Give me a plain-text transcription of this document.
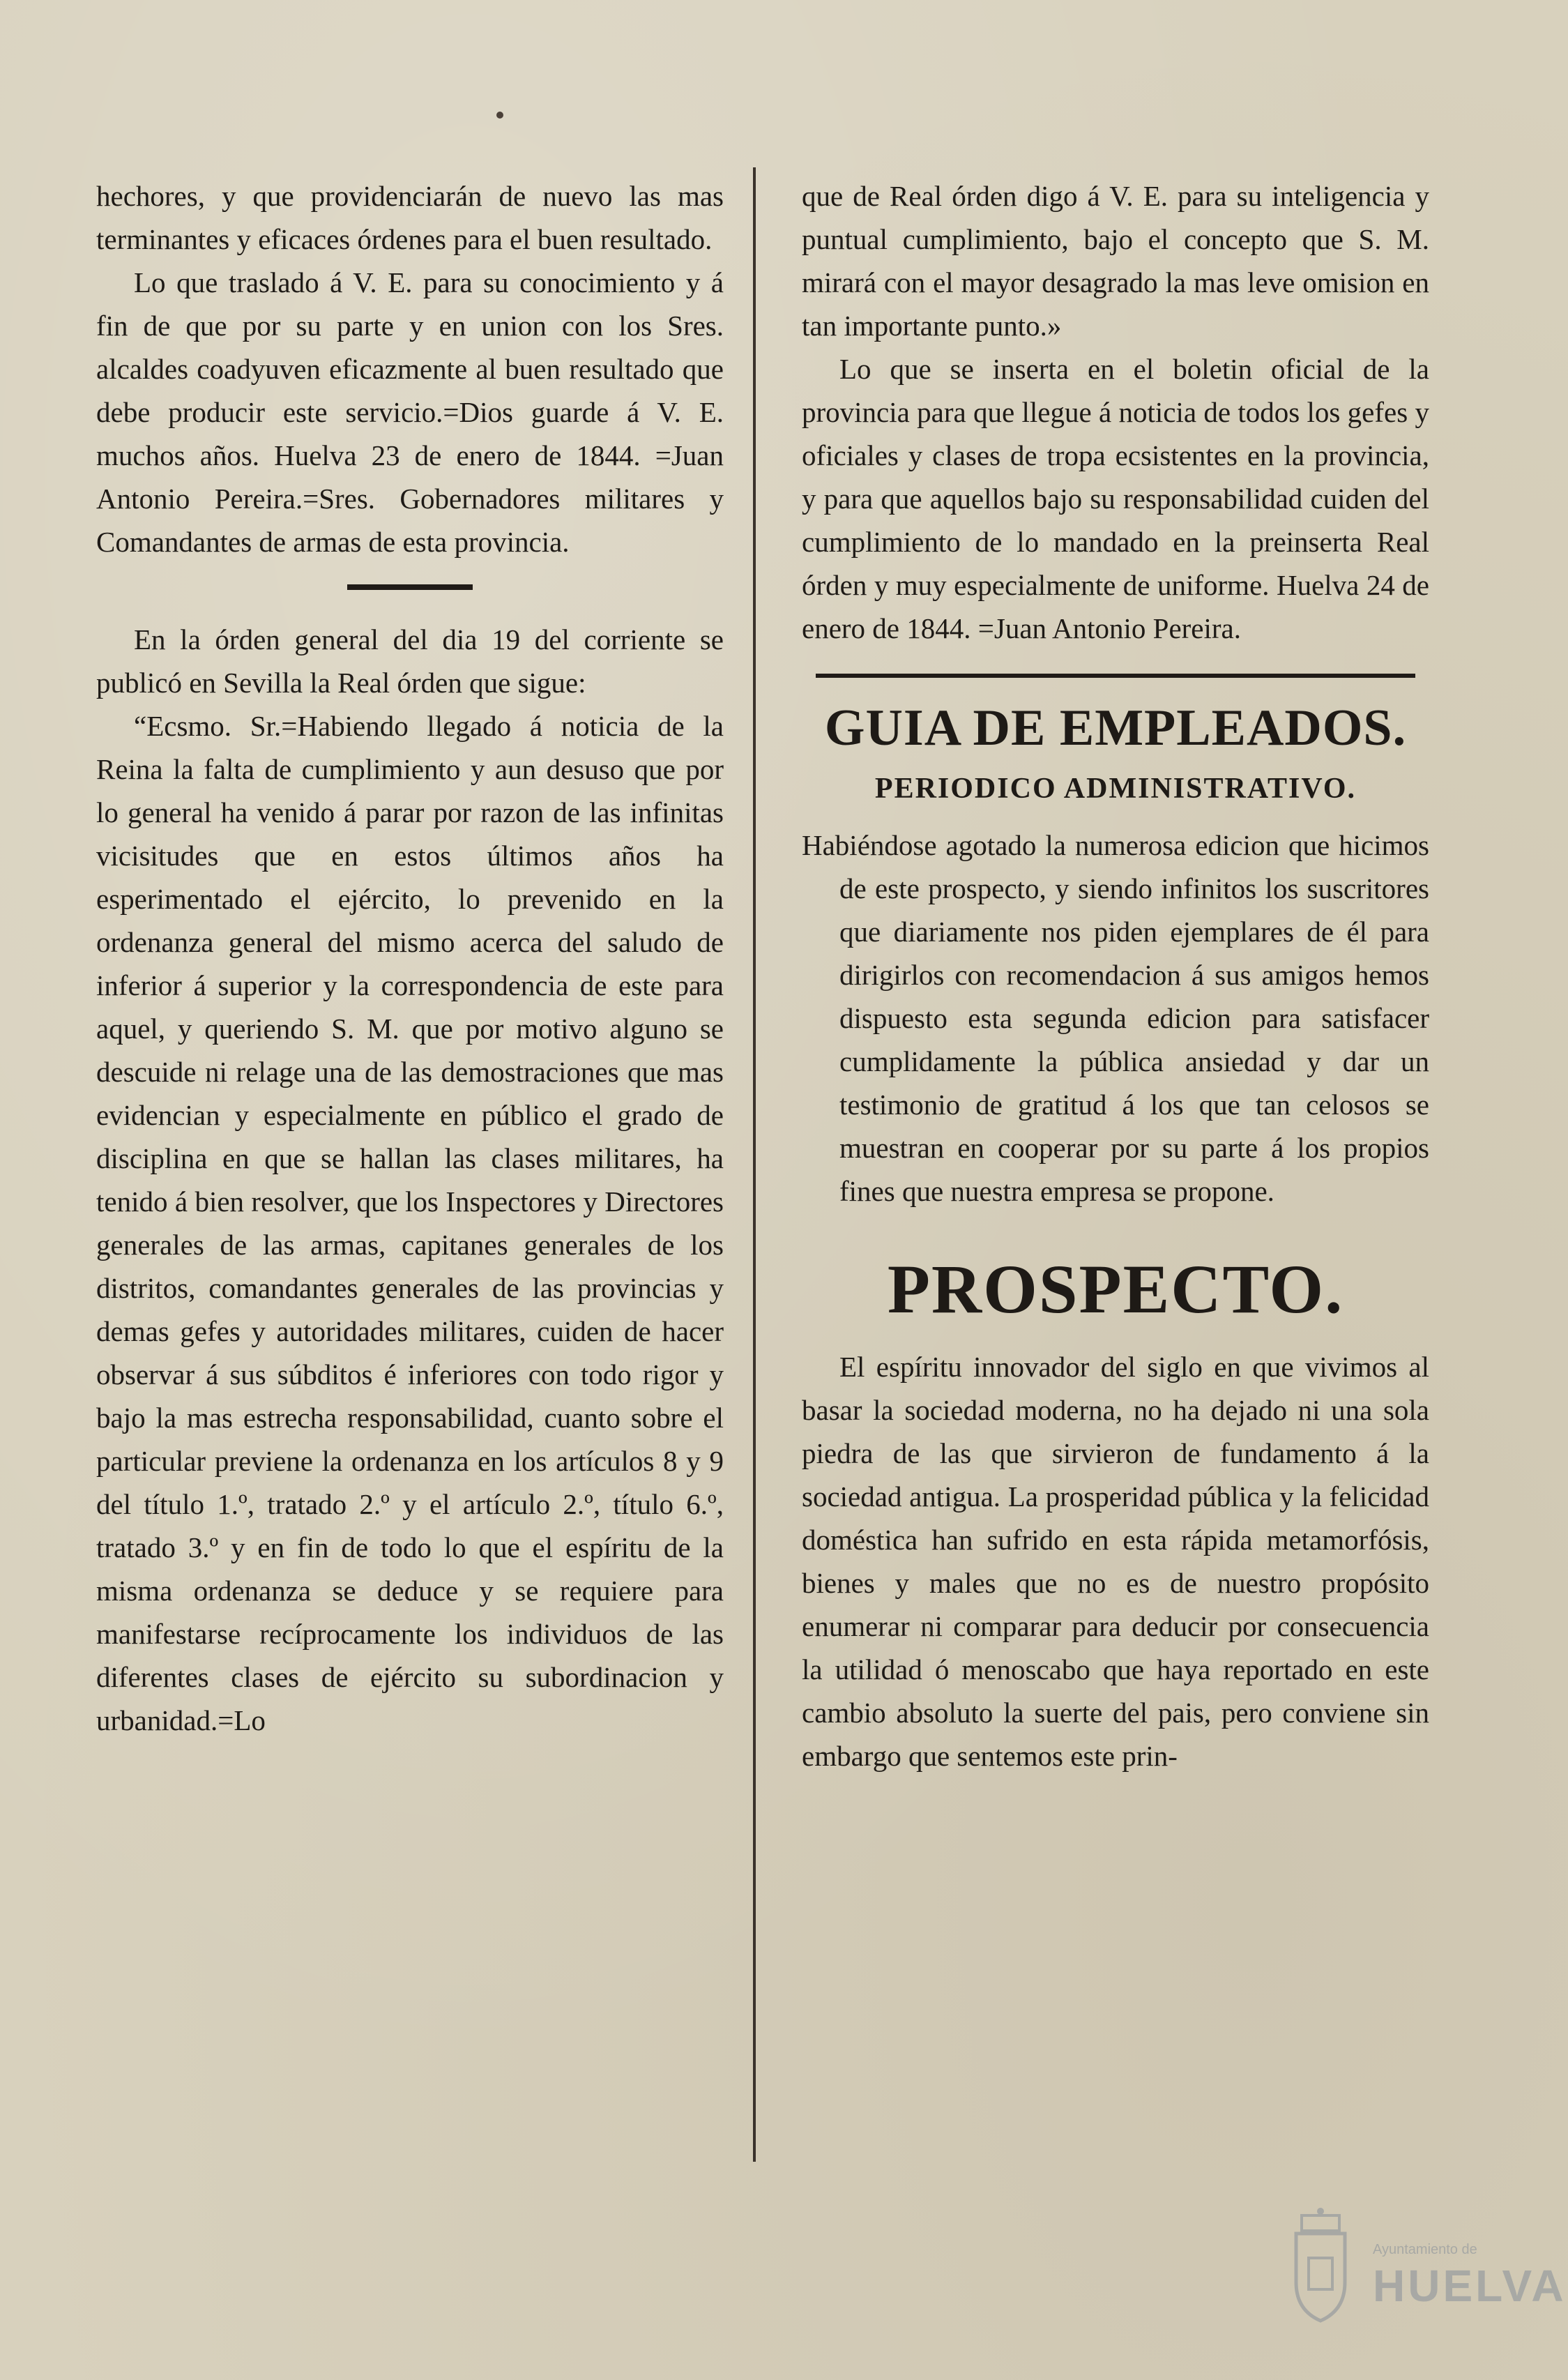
hechores, y que providenciarán de nuevo las mas terminantes y eficaces órdenes para el buen resultado.

Lo que traslado á V. E. para su conocimiento y á fin de que por su parte y en union con los Sres. alcaldes coadyuven eficazmente al buen resultado que debe producir este servicio.=Dios guarde á V. E. muchos años. Huelva 23 de enero de 1844. =Juan Antonio Pereira.=Sres. Gobernadores militares y Comandantes de armas de esta provincia.

En la órden general del dia 19 del corriente se publicó en Sevilla la Real órden que sigue:

“Ecsmo. Sr.=Habiendo llegado á noticia de la Reina la falta de cumplimiento y aun desuso que por lo general ha venido á parar por razon de las infinitas vicisitudes que en estos últimos años ha esperimentado el ejército, lo prevenido en la ordenanza general del mismo acerca del saludo de inferior á superior y la correspondencia de este para aquel, y queriendo S. M. que por motivo alguno se descuide ni relage una de las demostraciones que mas evidencian y especialmente en público el grado de disciplina en que se hallan las clases militares, ha tenido á bien resolver, que los Inspectores y Directores generales de las armas, capitanes generales de los distritos, comandantes generales de las provincias y demas gefes y autoridades militares, cuiden de hacer observar á sus súbditos é inferiores con todo rigor y bajo la mas estrecha responsabilidad, cuanto sobre el particular previene la ordenanza en los artículos 8 y 9 del título 1.º, tratado 2.º y el artículo 2.º, título 6.º, tratado 3.º y en fin de todo lo que el espíritu de la misma ordenanza se deduce y se requiere para manifestarse recíprocamente los individuos de las diferentes clases de ejército su subordinacion y urbanidad.=Lo

que de Real órden digo á V. E. para su inteligencia y puntual cumplimiento, bajo el concepto que S. M. mirará con el mayor desagrado la mas leve omision en tan importante punto.»

Lo que se inserta en el boletin oficial de la provincia para que llegue á noticia de todos los gefes y oficiales y clases de tropa ecsistentes en la provincia, y para que aquellos bajo su responsabilidad cuiden del cumplimiento de lo mandado en la preinserta Real órden y muy especialmente de uniforme. Huelva 24 de enero de 1844. =Juan Antonio Pereira.

GUIA DE EMPLEADOS.
PERIODICO ADMINISTRATIVO.

Habiéndose agotado la numerosa edicion que hicimos de este prospecto, y siendo infinitos los suscritores que diariamente nos piden ejemplares de él para dirigirlos con recomendacion á sus amigos hemos dispuesto esta segunda edicion para satisfacer cumplidamente la pública ansiedad y dar un testimonio de gratitud á los que tan celosos se muestran en cooperar por su parte á los propios fines que nuestra empresa se propone.

PROSPECTO.

El espíritu innovador del siglo en que vivimos al basar la sociedad moderna, no ha dejado ni una sola piedra de las que sirvieron de fundamento á la sociedad antigua. La prosperidad pública y la felicidad doméstica han sufrido en esta rápida metamorfósis, bienes y males que no es de nuestro propósito enumerar ni comparar para deducir por consecuencia la utilidad ó menoscabo que haya reportado en este cambio absoluto la suerte del pais, pero conviene sin embargo que sentemos este prin-

Ayuntamiento de
HUELVA
